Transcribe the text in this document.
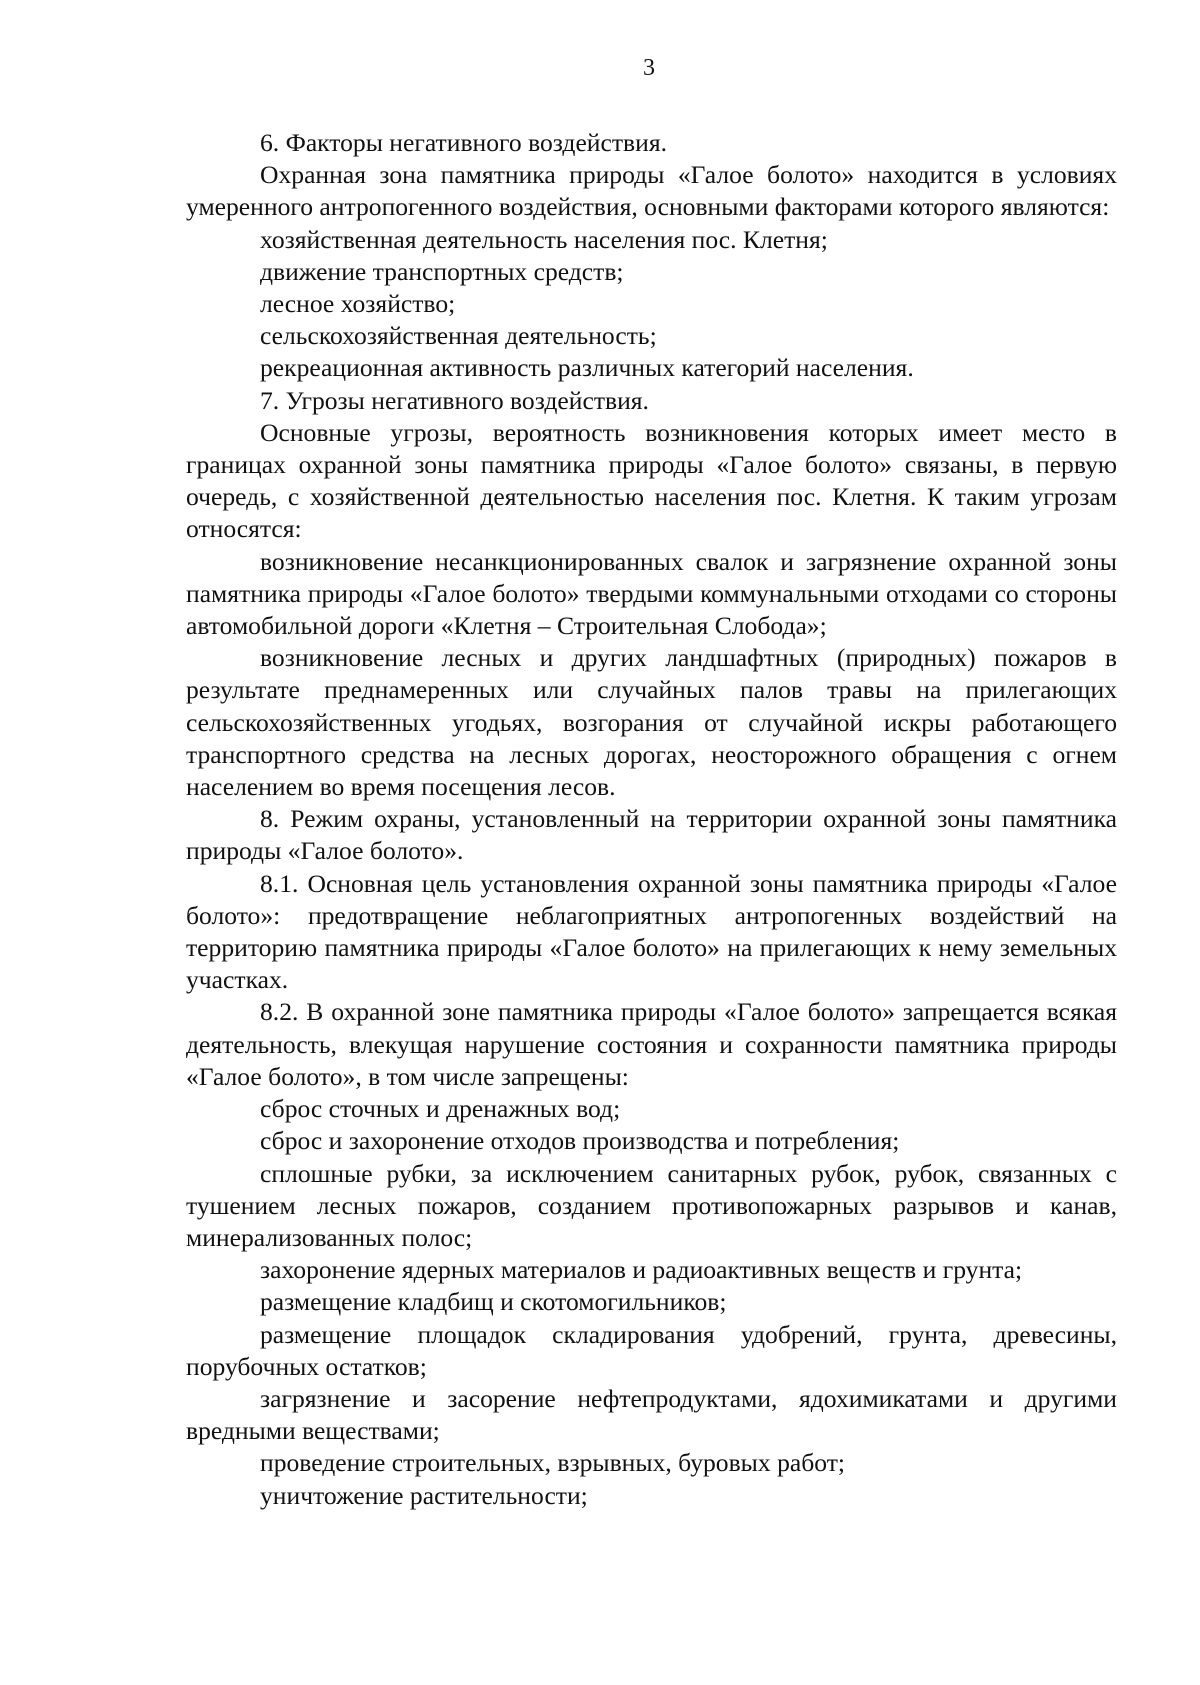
3

6. Факторы негативного воздействия.

Охранная зона памятника природы «Галое болото» находится в условиях умеренного антропогенного воздействия, основными факторами которого являются:

хозяйственная деятельность населения пос. Клетня;

движение транспортных средств;

лесное хозяйство;

сельскохозяйственная деятельность;

рекреационная активность различных категорий населения.

7. Угрозы негативного воздействия.

Основные угрозы, вероятность возникновения которых имеет место в границах охранной зоны памятника природы «Галое болото» связаны, в первую очередь, с хозяйственной деятельностью населения пос. Клетня. К таким угрозам относятся:

возникновение несанкционированных свалок и загрязнение охранной зоны памятника природы «Галое болото» твердыми коммунальными отходами со стороны автомобильной дороги «Клетня – Строительная Слобода»;

возникновение лесных и других ландшафтных (природных) пожаров в результате преднамеренных или случайных палов травы на прилегающих сельскохозяйственных угодьях, возгорания от случайной искры работающего транспортного средства на лесных дорогах, неосторожного обращения с огнем населением во время посещения лесов.

8. Режим охраны, установленный на территории охранной зоны памятника природы «Галое болото».

8.1. Основная цель установления охранной зоны памятника природы «Галое болото»: предотвращение неблагоприятных антропогенных воздействий на территорию памятника природы «Галое болото» на прилегающих к нему земельных участках.

8.2. В охранной зоне памятника природы «Галое болото» запрещается всякая деятельность, влекущая нарушение состояния и сохранности памятника природы «Галое болото», в том числе запрещены:

сброс сточных и дренажных вод;

сброс и захоронение отходов производства и потребления;

сплошные рубки, за исключением санитарных рубок, рубок, связанных с тушением лесных пожаров, созданием противопожарных разрывов и канав, минерализованных полос;

захоронение ядерных материалов и радиоактивных веществ и грунта;

размещение кладбищ и скотомогильников;

размещение площадок складирования удобрений, грунта, древесины, порубочных остатков;

загрязнение и засорение нефтепродуктами, ядохимикатами и другими вредными веществами;

проведение строительных, взрывных, буровых работ;

уничтожение растительности;
